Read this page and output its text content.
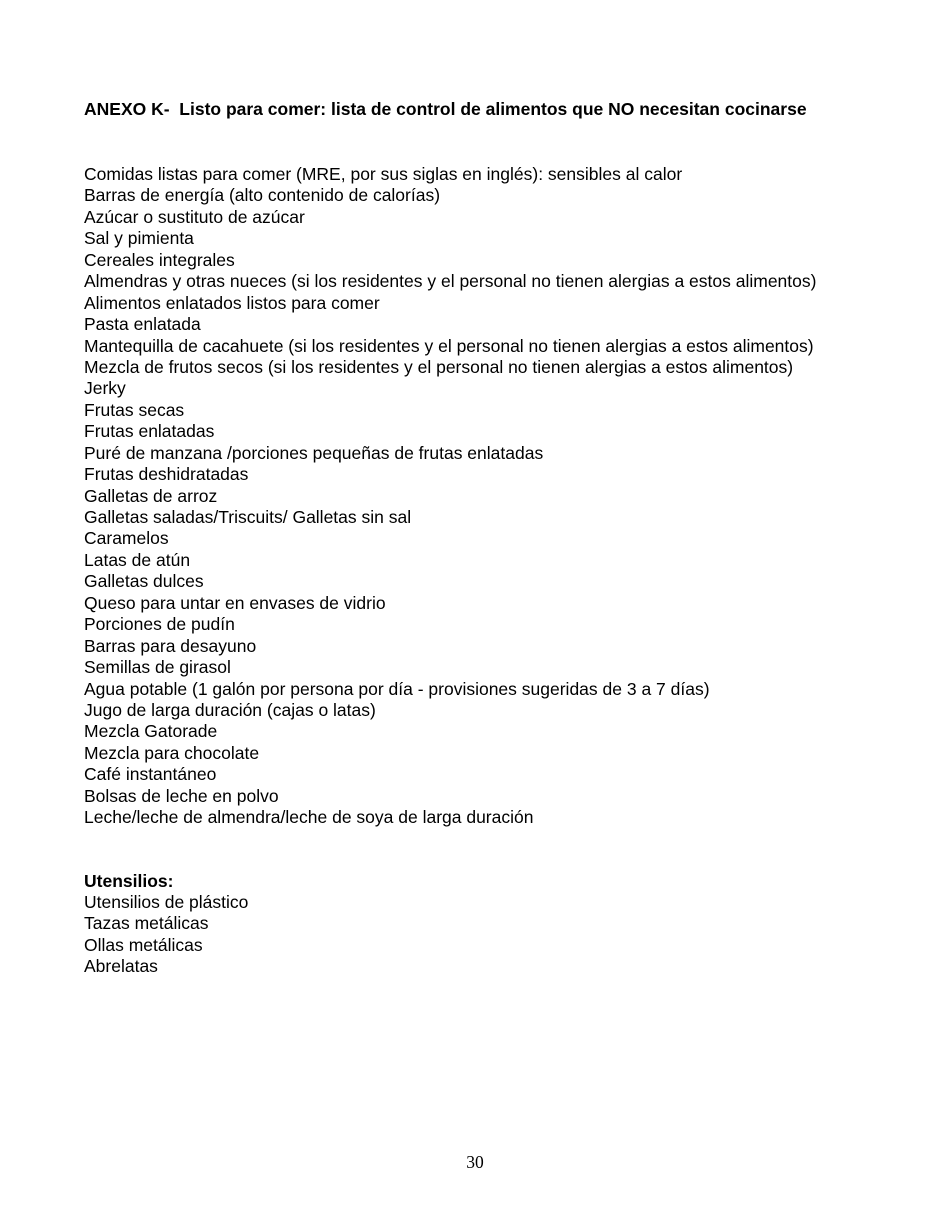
ANEXO K-  Listo para comer: lista de control de alimentos que NO necesitan cocinarse
Comidas listas para comer (MRE, por sus siglas en inglés): sensibles al calor
Barras de energía (alto contenido de calorías)
Azúcar o sustituto de azúcar
Sal y pimienta
Cereales integrales
Almendras y otras nueces (si los residentes y el personal no tienen alergias a estos alimentos)
Alimentos enlatados listos para comer
Pasta enlatada
Mantequilla de cacahuete (si los residentes y el personal no tienen alergias a estos alimentos)
Mezcla de frutos secos (si los residentes y el personal no tienen alergias a estos alimentos)
Jerky
Frutas secas
Frutas enlatadas
Puré de manzana /porciones pequeñas de frutas enlatadas
Frutas deshidratadas
Galletas de arroz
Galletas saladas/Triscuits/ Galletas sin sal
Caramelos
Latas de atún
Galletas dulces
Queso para untar en envases de vidrio
Porciones de pudín
Barras para desayuno
Semillas de girasol
Agua potable (1 galón por persona por día - provisiones sugeridas de 3 a 7 días)
Jugo de larga duración (cajas o latas)
Mezcla Gatorade
Mezcla para chocolate
Café instantáneo
Bolsas de leche en polvo
Leche/leche de almendra/leche de soya de larga duración
Utensilios:
Utensilios de plástico
Tazas metálicas
Ollas metálicas
Abrelatas
30
